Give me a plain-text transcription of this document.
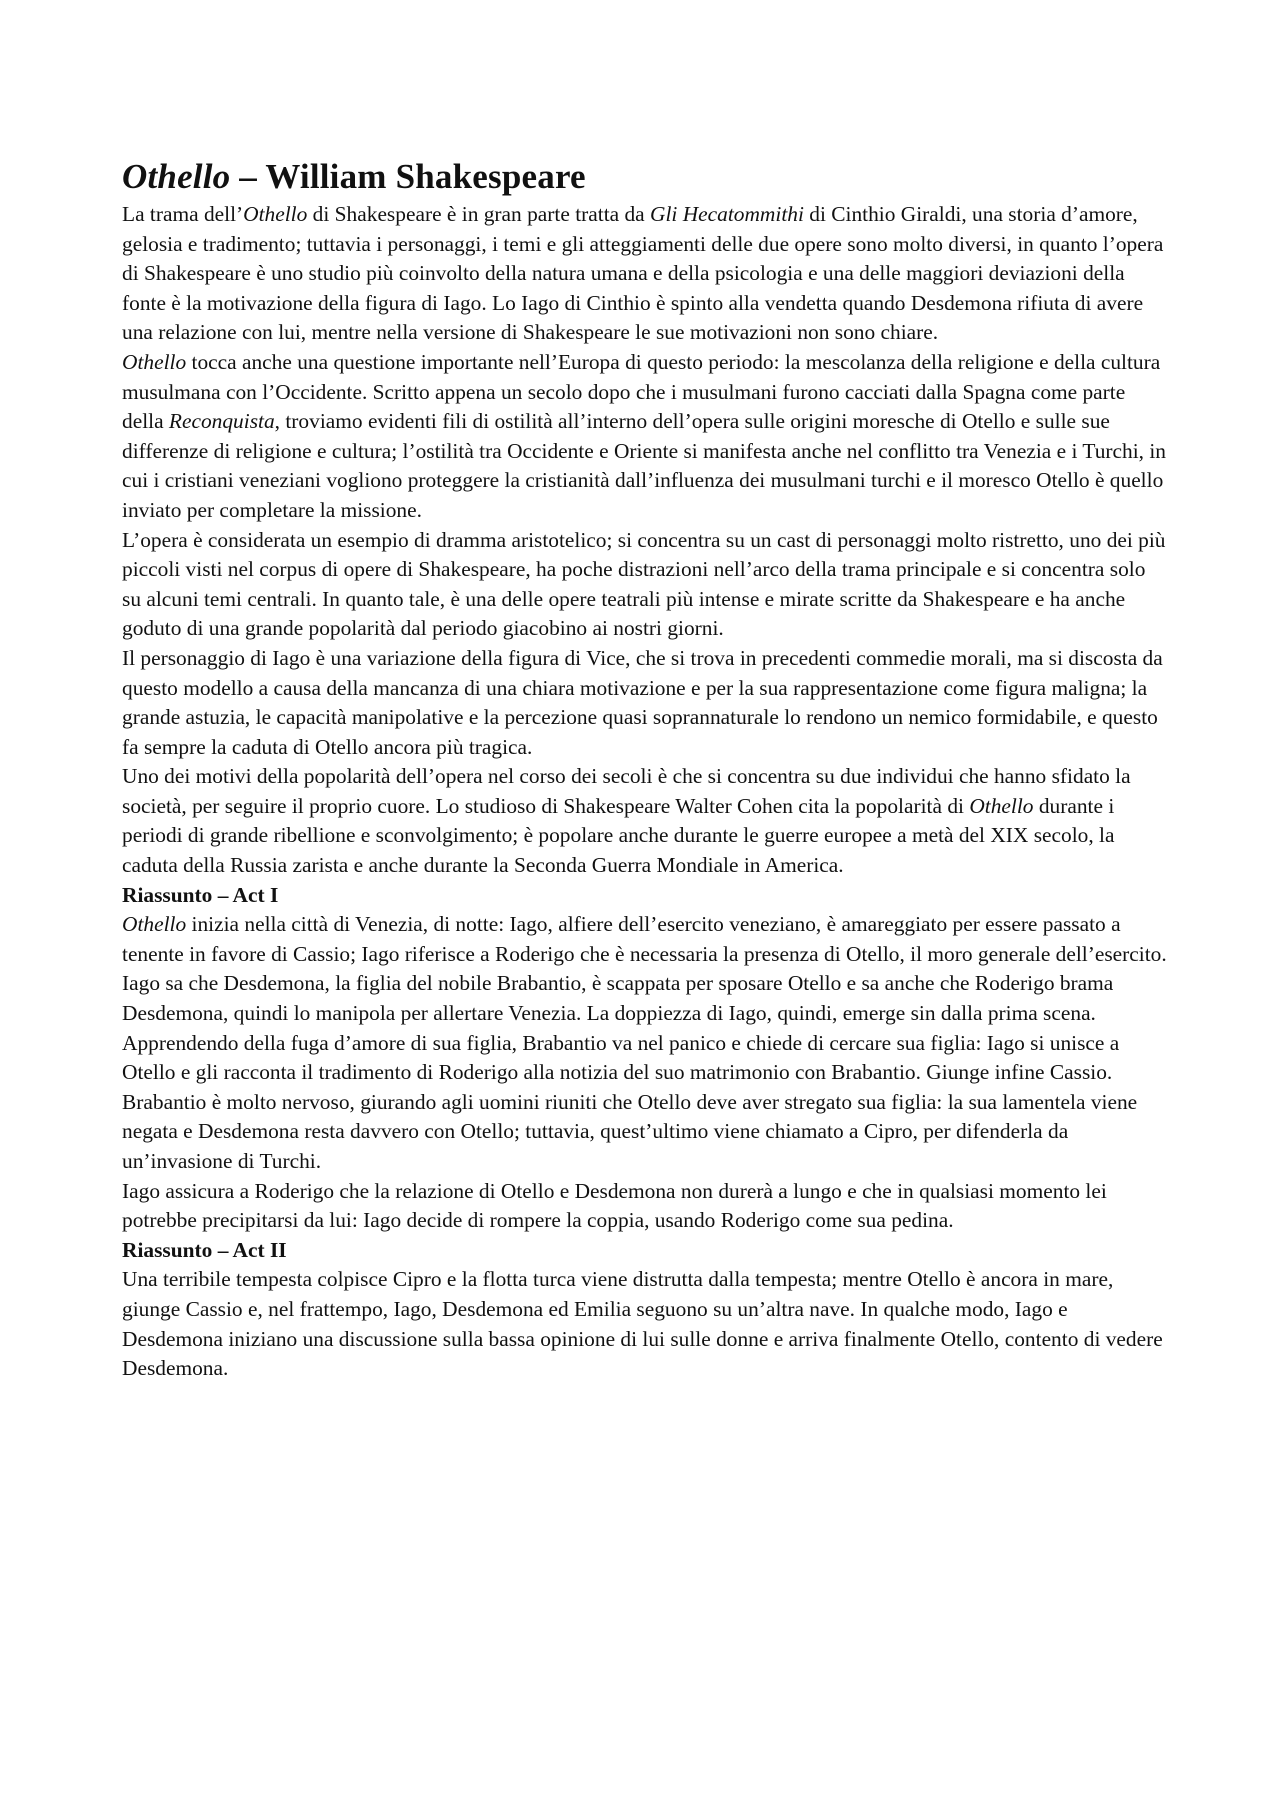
Othello – William Shakespeare

La trama dell’Othello di Shakespeare è in gran parte tratta da Gli Hecatommithi di Cinthio Giraldi, una storia d’amore, gelosia e tradimento; tuttavia i personaggi, i temi e gli atteggiamenti delle due opere sono molto diversi, in quanto l’opera di Shakespeare è uno studio più coinvolto della natura umana e della psicologia e una delle maggiori deviazioni della fonte è la motivazione della figura di Iago. Lo Iago di Cinthio è spinto alla vendetta quando Desdemona rifiuta di avere una relazione con lui, mentre nella versione di Shakespeare le sue motivazioni non sono chiare.

Othello tocca anche una questione importante nell’Europa di questo periodo: la mescolanza della religione e della cultura musulmana con l’Occidente. Scritto appena un secolo dopo che i musulmani furono cacciati dalla Spagna come parte della Reconquista, troviamo evidenti fili di ostilità all’interno dell’opera sulle origini moresche di Otello e sulle sue differenze di religione e cultura; l’ostilità tra Occidente e Oriente si manifesta anche nel conflitto tra Venezia e i Turchi, in cui i cristiani veneziani vogliono proteggere la cristianità dall’influenza dei musulmani turchi e il moresco Otello è quello inviato per completare la missione.

L’opera è considerata un esempio di dramma aristotelico; si concentra su un cast di personaggi molto ristretto, uno dei più piccoli visti nel corpus di opere di Shakespeare, ha poche distrazioni nell’arco della trama principale e si concentra solo su alcuni temi centrali. In quanto tale, è una delle opere teatrali più intense e mirate scritte da Shakespeare e ha anche goduto di una grande popolarità dal periodo giacobino ai nostri giorni.

Il personaggio di Iago è una variazione della figura di Vice, che si trova in precedenti commedie morali, ma si discosta da questo modello a causa della mancanza di una chiara motivazione e per la sua rappresentazione come figura maligna; la grande astuzia, le capacità manipolative e la percezione quasi soprannaturale lo rendono un nemico formidabile, e questo fa sempre la caduta di Otello ancora più tragica.

Uno dei motivi della popolarità dell’opera nel corso dei secoli è che si concentra su due individui che hanno sfidato la società, per seguire il proprio cuore. Lo studioso di Shakespeare Walter Cohen cita la popolarità di Othello durante i periodi di grande ribellione e sconvolgimento; è popolare anche durante le guerre europee a metà del XIX secolo, la caduta della Russia zarista e anche durante la Seconda Guerra Mondiale in America.

Riassunto – Act I

Othello inizia nella città di Venezia, di notte: Iago, alfiere dell’esercito veneziano, è amareggiato per essere passato a tenente in favore di Cassio; Iago riferisce a Roderigo che è necessaria la presenza di Otello, il moro generale dell’esercito. Iago sa che Desdemona, la figlia del nobile Brabantio, è scappata per sposare Otello e sa anche che Roderigo brama Desdemona, quindi lo manipola per allertare Venezia. La doppiezza di Iago, quindi, emerge sin dalla prima scena.

Apprendendo della fuga d’amore di sua figlia, Brabantio va nel panico e chiede di cercare sua figlia: Iago si unisce a Otello e gli racconta il tradimento di Roderigo alla notizia del suo matrimonio con Brabantio. Giunge infine Cassio.

Brabantio è molto nervoso, giurando agli uomini riuniti che Otello deve aver stregato sua figlia: la sua lamentela viene negata e Desdemona resta davvero con Otello; tuttavia, quest’ultimo viene chiamato a Cipro, per difenderla da un’invasione di Turchi.

Iago assicura a Roderigo che la relazione di Otello e Desdemona non durerà a lungo e che in qualsiasi momento lei potrebbe precipitarsi da lui: Iago decide di rompere la coppia, usando Roderigo come sua pedina.

Riassunto – Act II

Una terribile tempesta colpisce Cipro e la flotta turca viene distrutta dalla tempesta; mentre Otello è ancora in mare, giunge Cassio e, nel frattempo, Iago, Desdemona ed Emilia seguono su un’altra nave. In qualche modo, Iago e Desdemona iniziano una discussione sulla bassa opinione di lui sulle donne e arriva finalmente Otello, contento di vedere Desdemona.
